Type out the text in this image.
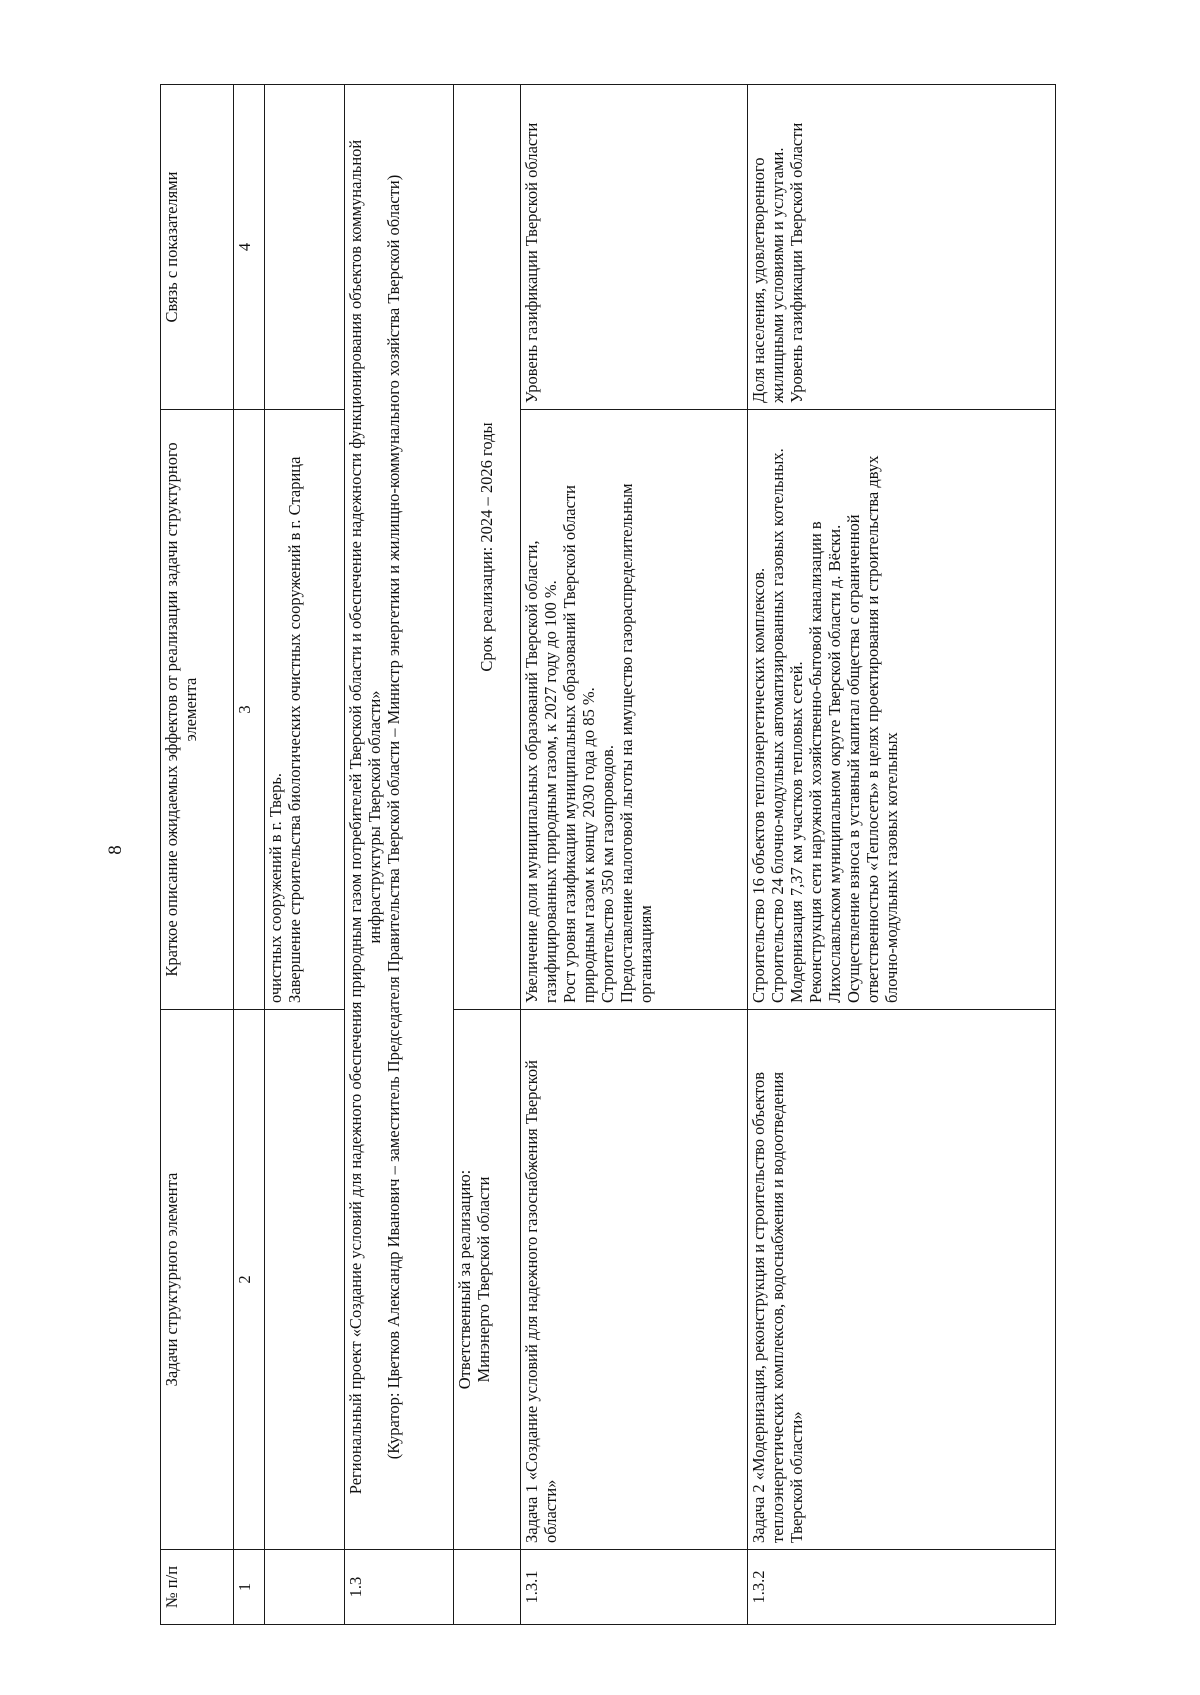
8
№ п/п	Задачи структурного элемента	Краткое описание ожидаемых эффектов от реализации задачи структурного элемента	Связь с показателями
1	2	3	4

		очистных сооружений в г. Тверь. Завершение строительства биологических очистных сооружений в г. Старица	

1.3	Региональный проект «Создание условий для надежного обеспечения природным газом потребителей Тверской области и обеспечение надежности функционирования объектов коммунальной инфраструктуры Тверской области» (Куратор: Цветков Александр Иванович – заместитель Председателя Правительства Тверской области – Министр энергетики и жилищно-коммунального хозяйства Тверской области)		

	Ответственный за реализацию: Минэнерго Тверской области	Срок реализации: 2024 – 2026 годы	
1.3.1	Задача 1 «Создание условий для надежного газоснабжения Тверской области»	Увеличение доли муниципальных образований Тверской области, газифицированных природным газом, к 2027 году до 100 %. Рост уровня газификации муниципальных образований Тверской области природным газом к концу 2030 года до 85 %. Строительство 350 км газопроводов. Предоставление налоговой льготы на имущество газораспределительным организациям	Уровень газификации Тверской области

1.3.2	Задача 2 «Модернизация, реконструкция и строительство объектов теплоэнергетических комплексов, водоснабжения и водоотведения Тверской области»	Строительство 16 объектов теплоэнергетических комплексов. Строительство 24 блочно-модульных автоматизированных газовых котельных. Модернизация 7,37 км участков тепловых сетей. Реконструкция сети наружной хозяйственно-бытовой канализации в Лихославльском муниципальном округе Тверской области д. Вёски. Осуществление взноса в уставный капитал общества с ограниченной ответственностью «Теплосеть» в целях проектирования и строительства двух блочно-модульных газовых котельных	Доля населения, удовлетворенного жилищными условиями и услугами. Уровень газификации Тверской области
